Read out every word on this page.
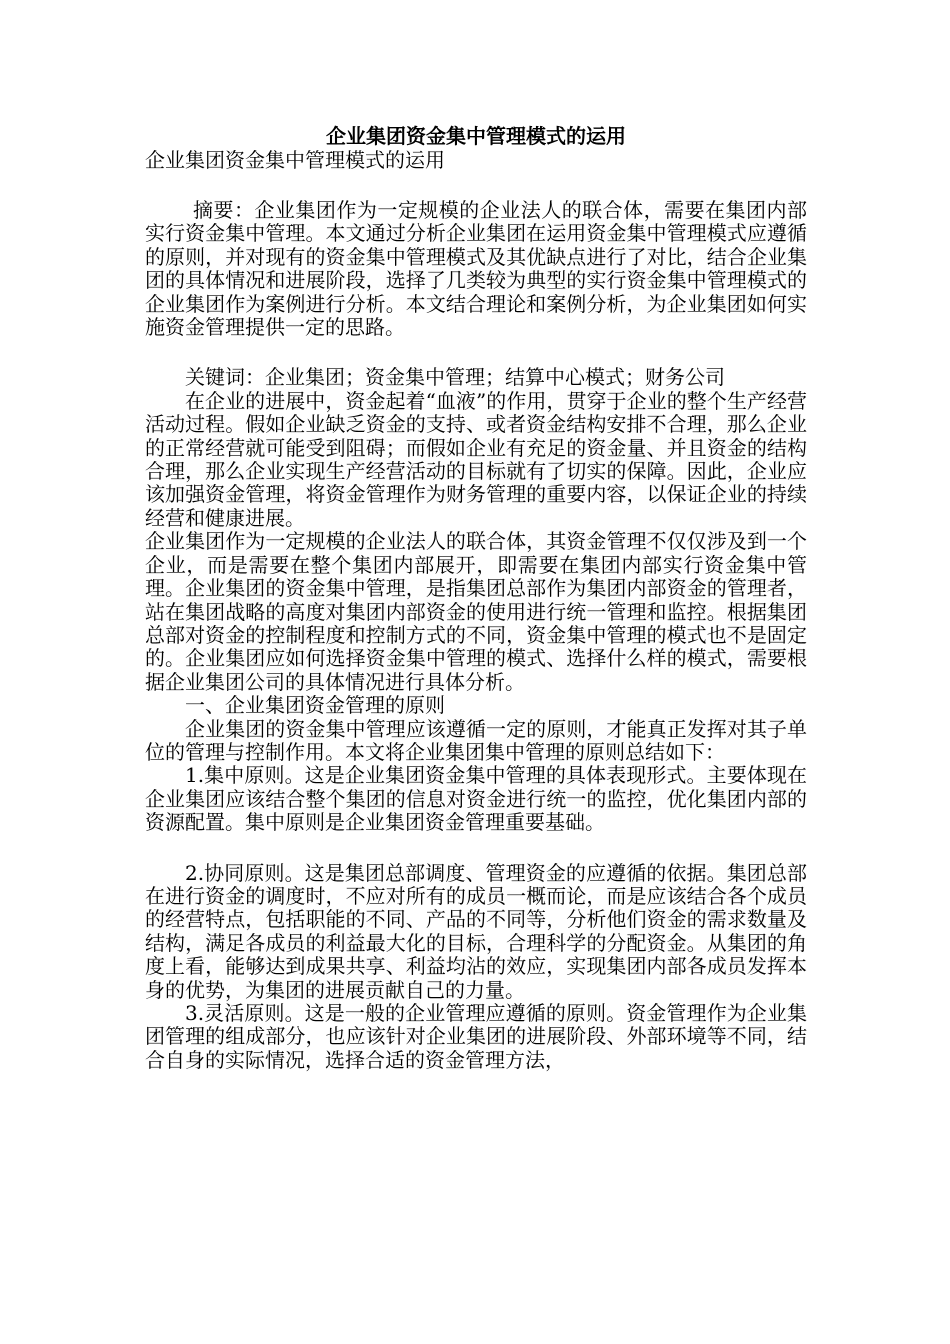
企业集团资金集中管理模式的运用
企业集团资金集中管理模式的运用

摘要：企业集团作为一定规模的企业法人的联合体，需要在集团内部实行资金集中管理。本文通过分析企业集团在运用资金集中管理模式应遵循的原则，并对现有的资金集中管理模式及其优缺点进行了对比，结合企业集团的具体情况和进展阶段，选择了几类较为典型的实行资金集中管理模式的企业集团作为案例进行分析。本文结合理论和案例分析，为企业集团如何实施资金管理提供一定的思路。

关键词：企业集团；资金集中管理；结算中心模式；财务公司

在企业的进展中，资金起着“血液”的作用，贯穿于企业的整个生产经营活动过程。假如企业缺乏资金的支持、或者资金结构安排不合理，那么企业的正常经营就可能受到阻碍；而假如企业有充足的资金量、并且资金的结构合理，那么企业实现生产经营活动的目标就有了切实的保障。因此，企业应该加强资金管理，将资金管理作为财务管理的重要内容，以保证企业的持续经营和健康进展。

企业集团作为一定规模的企业法人的联合体，其资金管理不仅仅涉及到一个企业，而是需要在整个集团内部展开，即需要在集团内部实行资金集中管理。企业集团的资金集中管理，是指集团总部作为集团内部资金的管理者，站在集团战略的高度对集团内部资金的使用进行统一管理和监控。根据集团总部对资金的控制程度和控制方式的不同，资金集中管理的模式也不是固定的。企业集团应如何选择资金集中管理的模式、选择什么样的模式，需要根据企业集团公司的具体情况进行具体分析。

一、企业集团资金管理的原则

企业集团的资金集中管理应该遵循一定的原则，才能真正发挥对其子单位的管理与控制作用。本文将企业集团集中管理的原则总结如下：

1.集中原则。这是企业集团资金集中管理的具体表现形式。主要体现在企业集团应该结合整个集团的信息对资金进行统一的监控，优化集团内部的资源配置。集中原则是企业集团资金管理重要基础。

2.协同原则。这是集团总部调度、管理资金的应遵循的依据。集团总部在进行资金的调度时，不应对所有的成员一概而论，而是应该结合各个成员的经营特点，包括职能的不同、产品的不同等，分析他们资金的需求数量及结构，满足各成员的利益最大化的目标，合理科学的分配资金。从集团的角度上看，能够达到成果共享、利益均沾的效应，实现集团内部各成员发挥本身的优势，为集团的进展贡献自己的力量。

3.灵活原则。这是一般的企业管理应遵循的原则。资金管理作为企业集团管理的组成部分，也应该针对企业集团的进展阶段、外部环境等不同，结合自身的实际情况，选择合适的资金管理方法，
